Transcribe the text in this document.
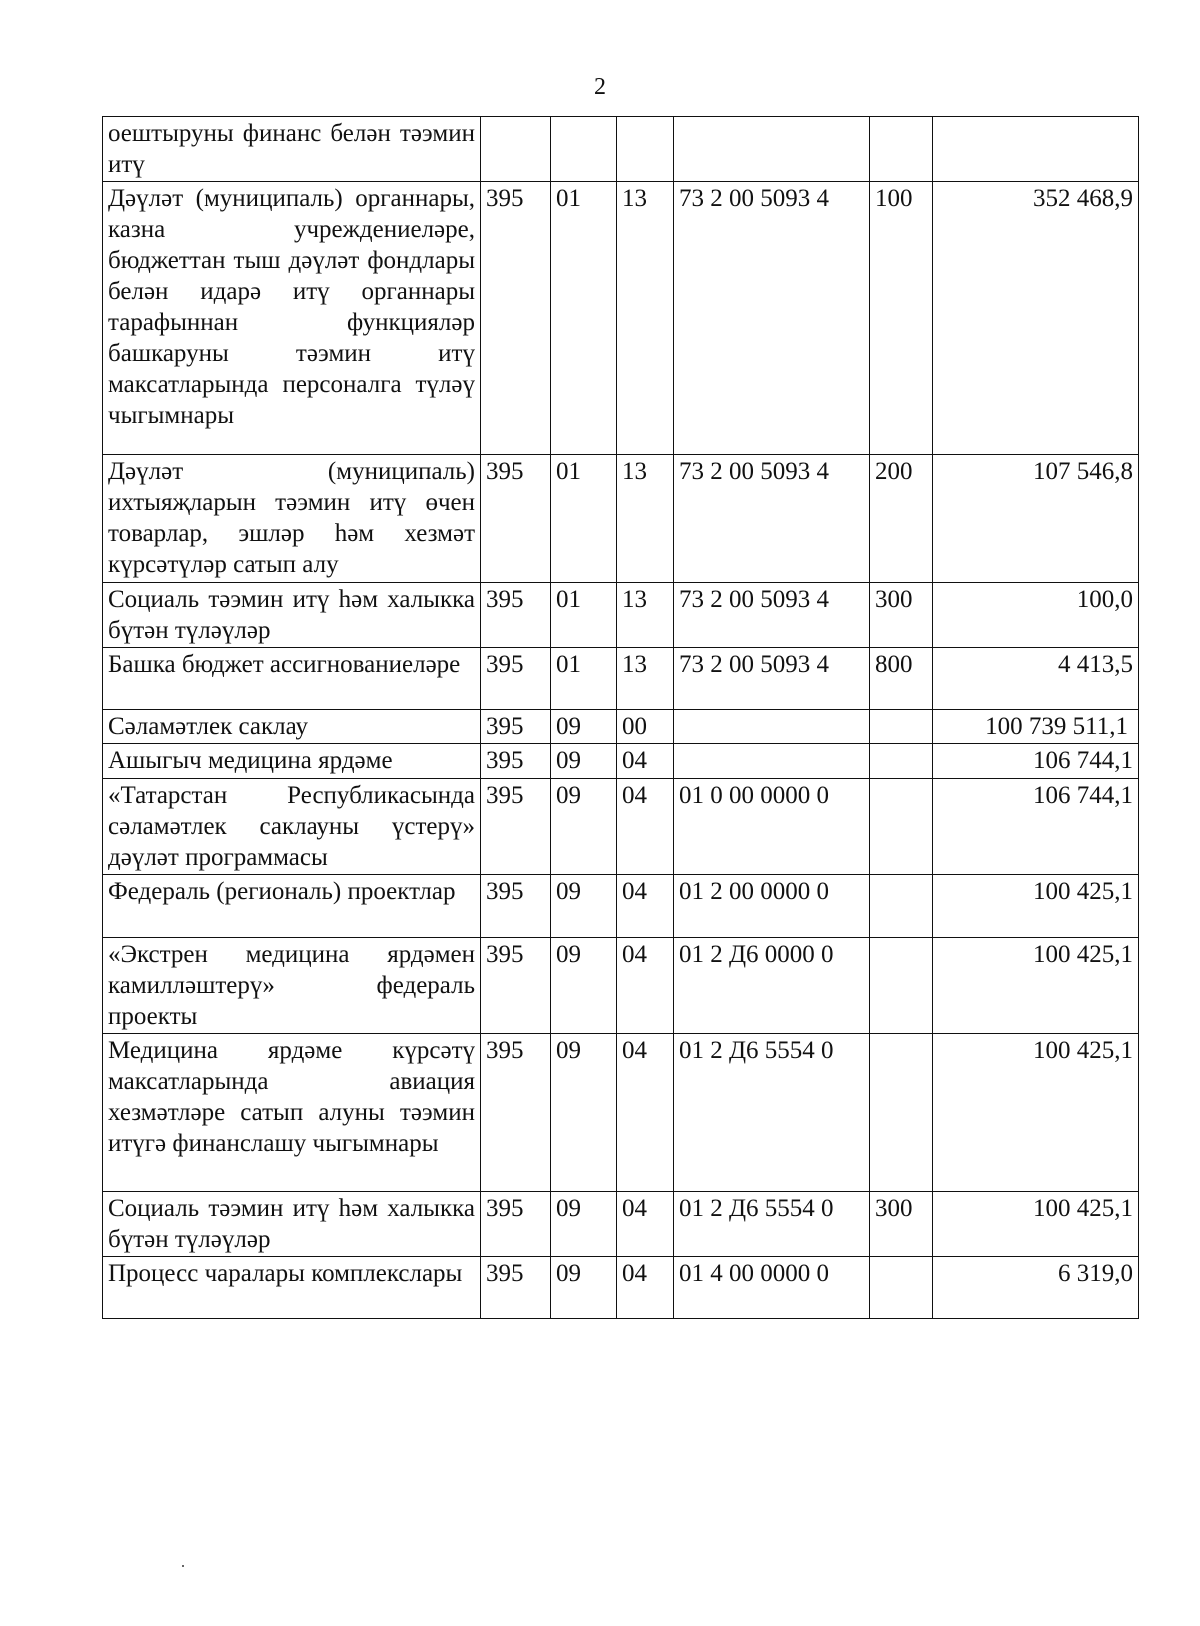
2
оештыруны финанс белән тәэмин итү						
Дәүләт (муниципаль) органнары, казна учреждениеләре, бюджеттан тыш дәүләт фондлары белән идарә итү органнары тарафыннан функцияләр башкаруны тәэмин итү максатларында персоналга түләү чыгымнары	395	01	13	73 2 00 5093 4	100	352 468,9
Дәүләт (муниципаль) ихтыяҗларын тәэмин итү өчен товарлар, эшләр һәм хезмәт күрсәтүләр сатып алу	395	01	13	73 2 00 5093 4	200	107 546,8
Социаль тәэмин итү һәм халыкка бүтән түләүләр	395	01	13	73 2 00 5093 4	300	100,0
Башка бюджет ассигнованиеләре	395	01	13	73 2 00 5093 4	800	4 413,5
Сәламәтлек саклау	395	09	00			100 739 511,1
Ашыгыч медицина ярдәме	395	09	04			106 744,1
«Татарстан Республикасында сәламәтлек саклауны үстерү» дәүләт программасы	395	09	04	01 0 00 0000 0		106 744,1
Федераль (региональ) проектлар	395	09	04	01 2 00 0000 0		100 425,1
«Экстрен медицина ярдәмен камилләштерү» федераль проекты	395	09	04	01 2 Д6 0000 0		100 425,1
Медицина ярдәме күрсәтү максатларында авиация хезмәтләре сатып алуны тәэмин итүгә финанслашу чыгымнары	395	09	04	01 2 Д6 5554 0		100 425,1
Социаль тәэмин итү һәм халыкка бүтән түләүләр	395	09	04	01 2 Д6 5554 0	300	100 425,1
Процесс чаралары комплекслары	395	09	04	01 4 00 0000 0		6 319,0
